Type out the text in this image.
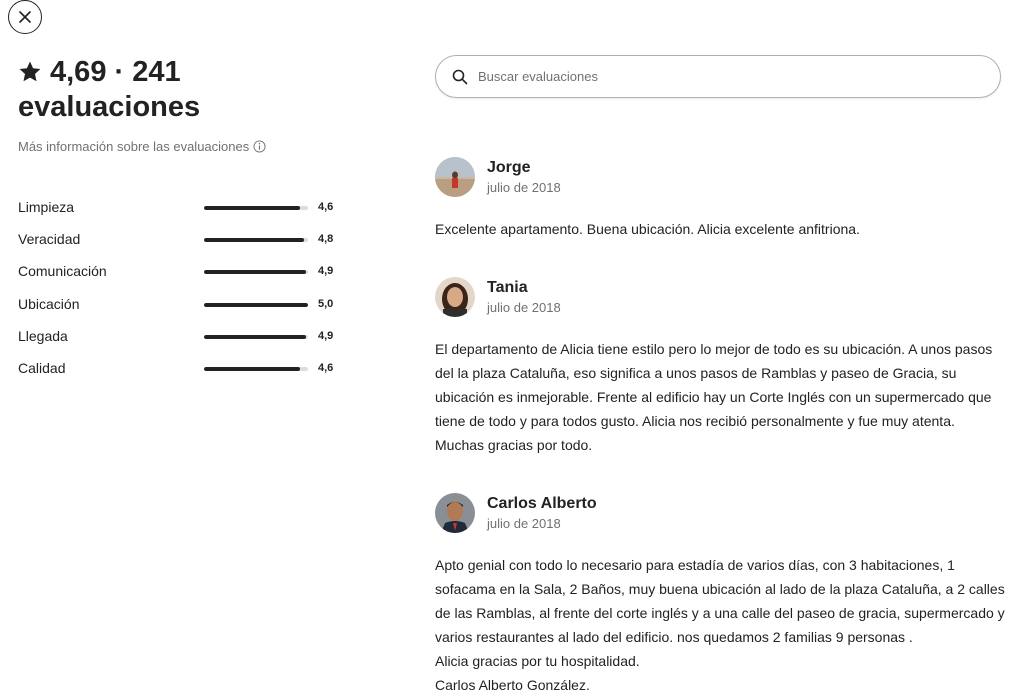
4,69 · 241
evaluaciones
Más información sobre las evaluaciones
Limpieza	4,6
Veracidad	4,8
Comunicación	4,9
Ubicación	5,0
Llegada	4,9
Calidad	4,6
Buscar evaluaciones
Jorge
julio de 2018

Excelente apartamento. Buena ubicación. Alicia excelente anfitriona.

Tania
julio de 2018

El departamento de Alicia tiene estilo pero lo mejor de todo es su ubicación. A unos pasos del la plaza Cataluña, eso significa a unos pasos de Ramblas y paseo de Gracia, su ubicación es inmejorable. Frente al edificio hay un Corte Inglés con un supermercado que tiene de todo y para todos gusto. Alicia nos recibió personalmente y fue muy atenta. Muchas gracias por todo.

Carlos Alberto
julio de 2018

Apto genial con todo lo necesario para estadía de varios días, con 3 habitaciones, 1 sofacama en la Sala, 2 Baños, muy buena ubicación al lado de la plaza Cataluña, a 2 calles de las Ramblas, al frente del corte inglés y a una calle del paseo de gracia, supermercado y varios restaurantes al lado del edificio. nos quedamos 2 familias 9 personas .

Alicia gracias por tu hospitalidad.

Carlos Alberto González.
